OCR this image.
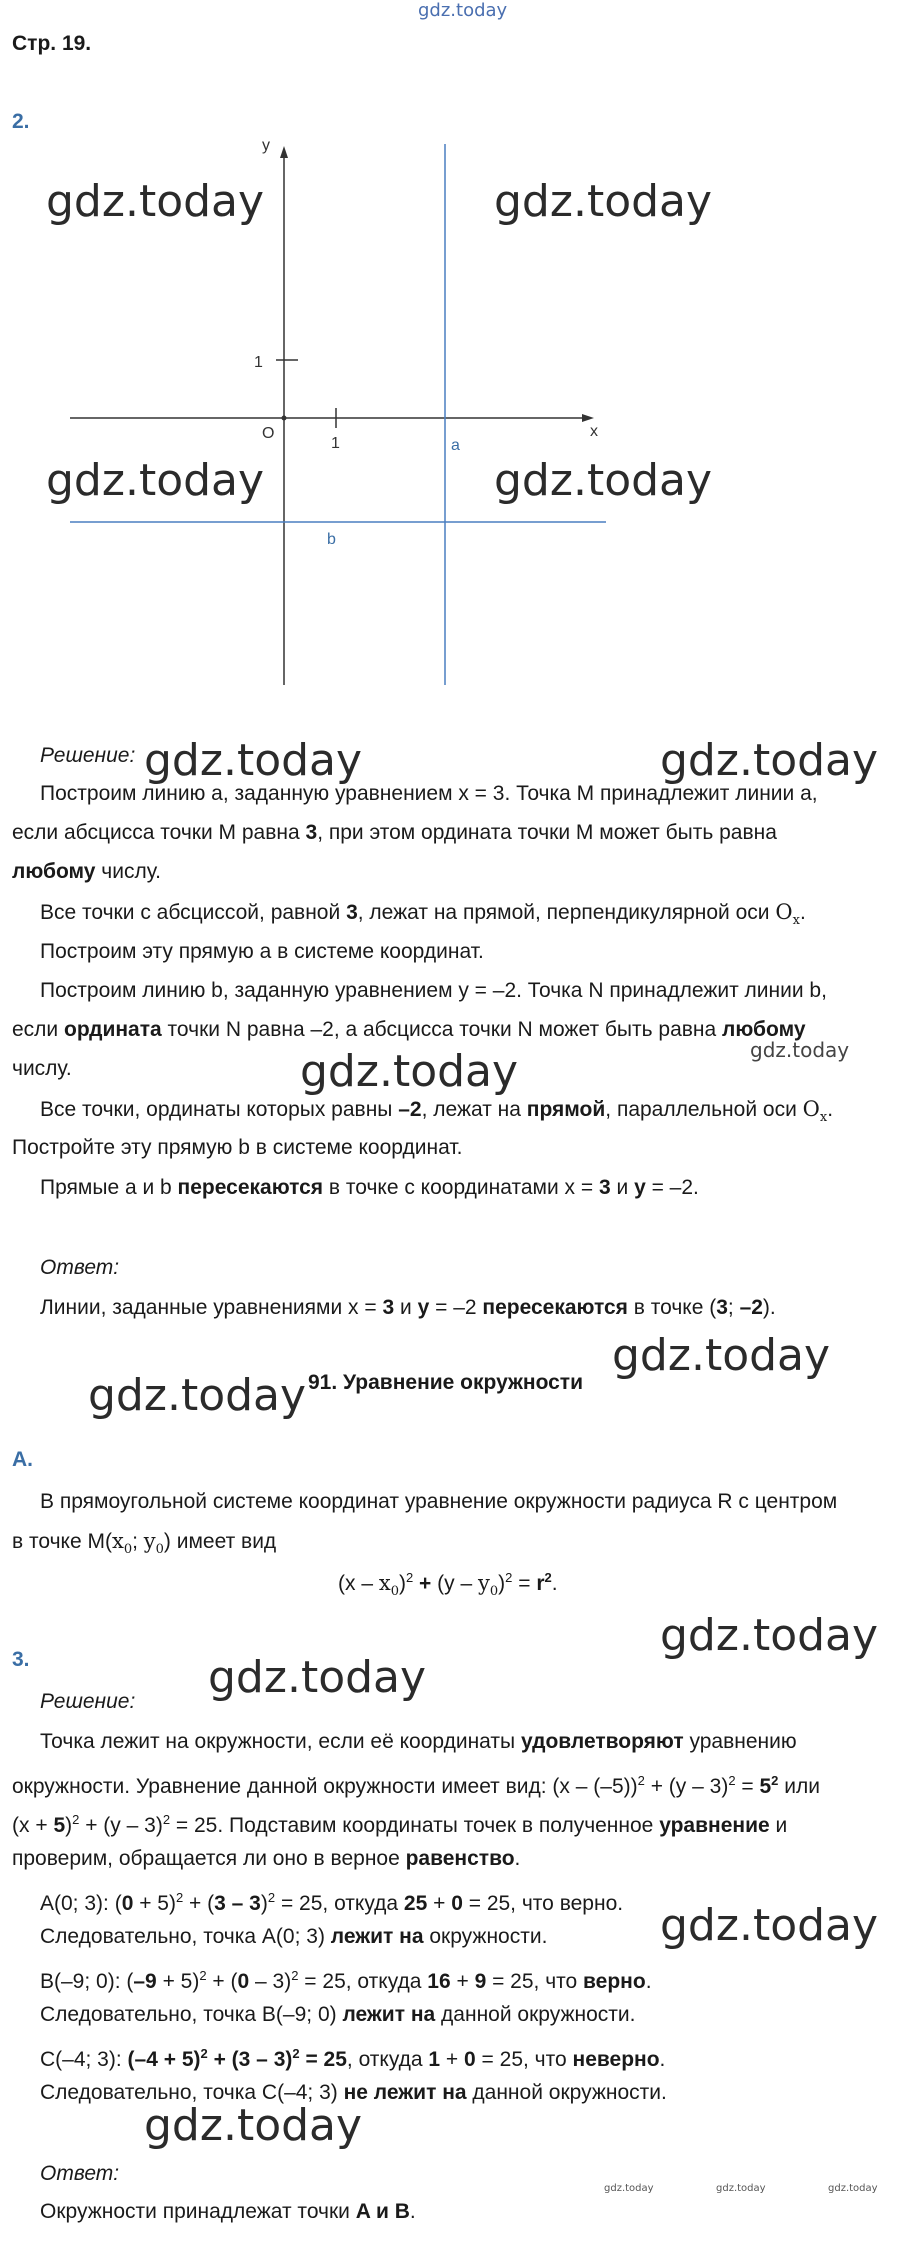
gdz.today
Стр. 19.
2.
y
x
O
1
1	a
b
gdz.today	gdz.today
gdz.today	gdz.today
Решение: gdz.today	gdz.today
Построим линию a, заданную уравнением x = 3. Точка M принадлежит линии a,
если абсцисса точки M равна 3, при этом ордината точки M может быть равна
любому числу.
Все точки с абсциссой, равной 3, лежат на прямой, перпендикулярной оси $O_x$.
Построим эту прямую a в системе координат.
Построим линию b, заданную уравнением y = –2. Точка N принадлежит линии b,
если ордината точки N равна –2, а абсцисса точки N может быть равна любому
числу.
gdz.today
gdz.today
Все точки, ординаты которых равны –2, лежат на прямой, параллельной оси $O_x$.
Постройте эту прямую b в системе координат.
Прямые a и b пересекаются в точке с координатами x = 3 и y = –2.
Ответ:
Линии, заданные уравнениями x = 3 и y = –2 пересекаются в точке (3; –2).
gdz.today
gdz.today 91. Уравнение окружности
A.
В прямоугольной системе координат уравнение окружности радиуса R с центром
в точке $M(x_0$; $y_0$) имеет вид
$(x - x_0)^2 + (y - y_0)^2 = r^2$.
gdz.today
3.	gdz.today
Решение:
Точка лежит на окружности, если её координаты удовлетворяют уравнению
окружности. Уравнение данной окружности имеет вид: $(x - (-5))^2 + (y - 3)^2 = 5^2$ или
$(x + 5)^2 + (y - 3)^2 = 25$. Подставим координаты точек в полученное уравнение и
проверим, обращается ли оно в верное равенство.
A(0; 3): $(0 + 5)^2 + (3 - 3)^2 = 25$, откуда 25 + 0 = 25, что верно. gdz.today
Следовательно, точка A(0; 3) лежит на окружности.
B(–9; 0): $(-9 + 5)^2 + (0 - 3)^2 = 25$, откуда 16 + 9 = 25, что верно.
Следовательно, точка B(–9; 0) лежит на данной окружности.
C(–4; 3): $(-4 + 5)^2 + (3 - 3)^2 = 25$, откуда 1 + 0 = 25, что неверно.
Следовательно, точка C(–4; 3) не лежит на данной окружности.
gdz.today
Ответ:
gdz.today	gdz.today	gdz.today
Окружности принадлежат точки A и B.
